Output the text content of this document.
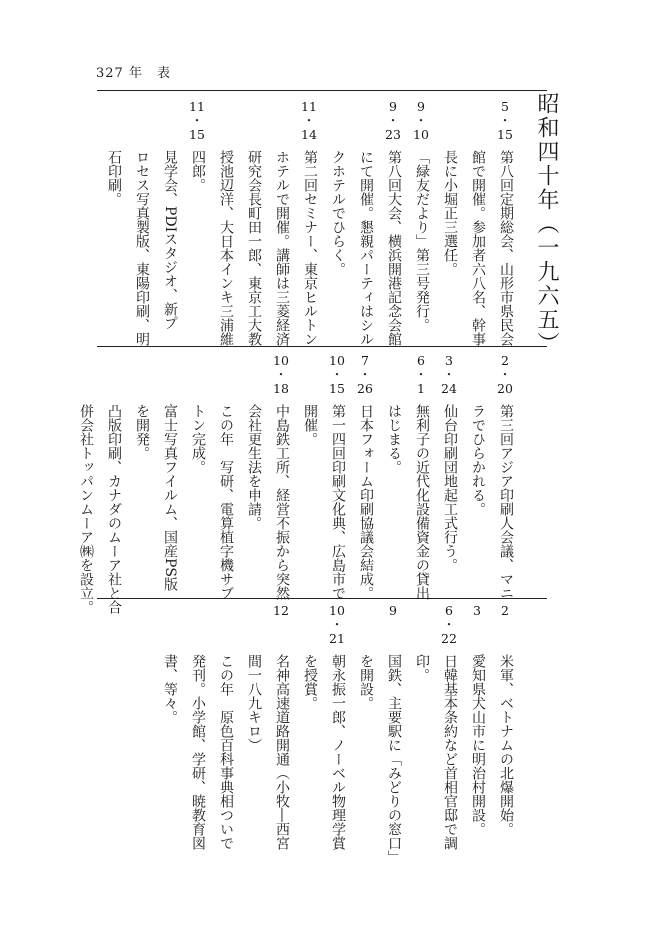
327 年　表
昭和四十年（一九六五）
5
・
15
9
・
10
9
・
23
11
・
14
11
・
15
第八回定期総会、山形市県民会
館で開催。参加者六八名、幹事
長に小堀正三選任。
「緑友だより」第三号発行。
第八回大会、横浜開港記念会館
にて開催。懇親パーティはシル
クホテルでひらく。
第二回セミナー、東京ヒルトン
ホテルで開催。講師は三菱経済
研究会長町田一郎、東京工大教
授池辺洋、大日本インキ三浦維
四郎。
見学会、PDIスタジオ、新プ
ロセス写真製版、東陽印刷、明
石印刷。
2
・
20
3
・
24
6
・
1
7
・
26
10
・
15
10
・
18
第三回アジア印刷人会議、マニ
ラでひらかれる。
仙台印刷団地起工式行う。
無利子の近代化設備資金の貸出
はじまる。
日本フォーム印刷協議会結成。
第一四回印刷文化典、広島市で
開催。
中島鉄工所、経営不振から突然
会社更生法を申請。
この年　写研、電算植字機サブ
トン完成。
富士写真フイルム、国産PS版
を開発。
凸版印刷、カナダのムーア社と合
併会社トッパンムーア㈱を設立。	2
3
6
・
22
9
10
・
21
12
米軍、ベトナムの北爆開始。
愛知県犬山市に明治村開設。
日韓基本条約など首相官邸で調
印。
国鉄、主要駅に「みどりの窓口」
を開設。
朝永振一郎、ノーベル物理学賞
を授賞。
名神高速道路開通（小牧―西宮
間一八九キロ）
この年　原色百科事典相ついで
発刊。小学館、学研、暁教育図
書、等々。
